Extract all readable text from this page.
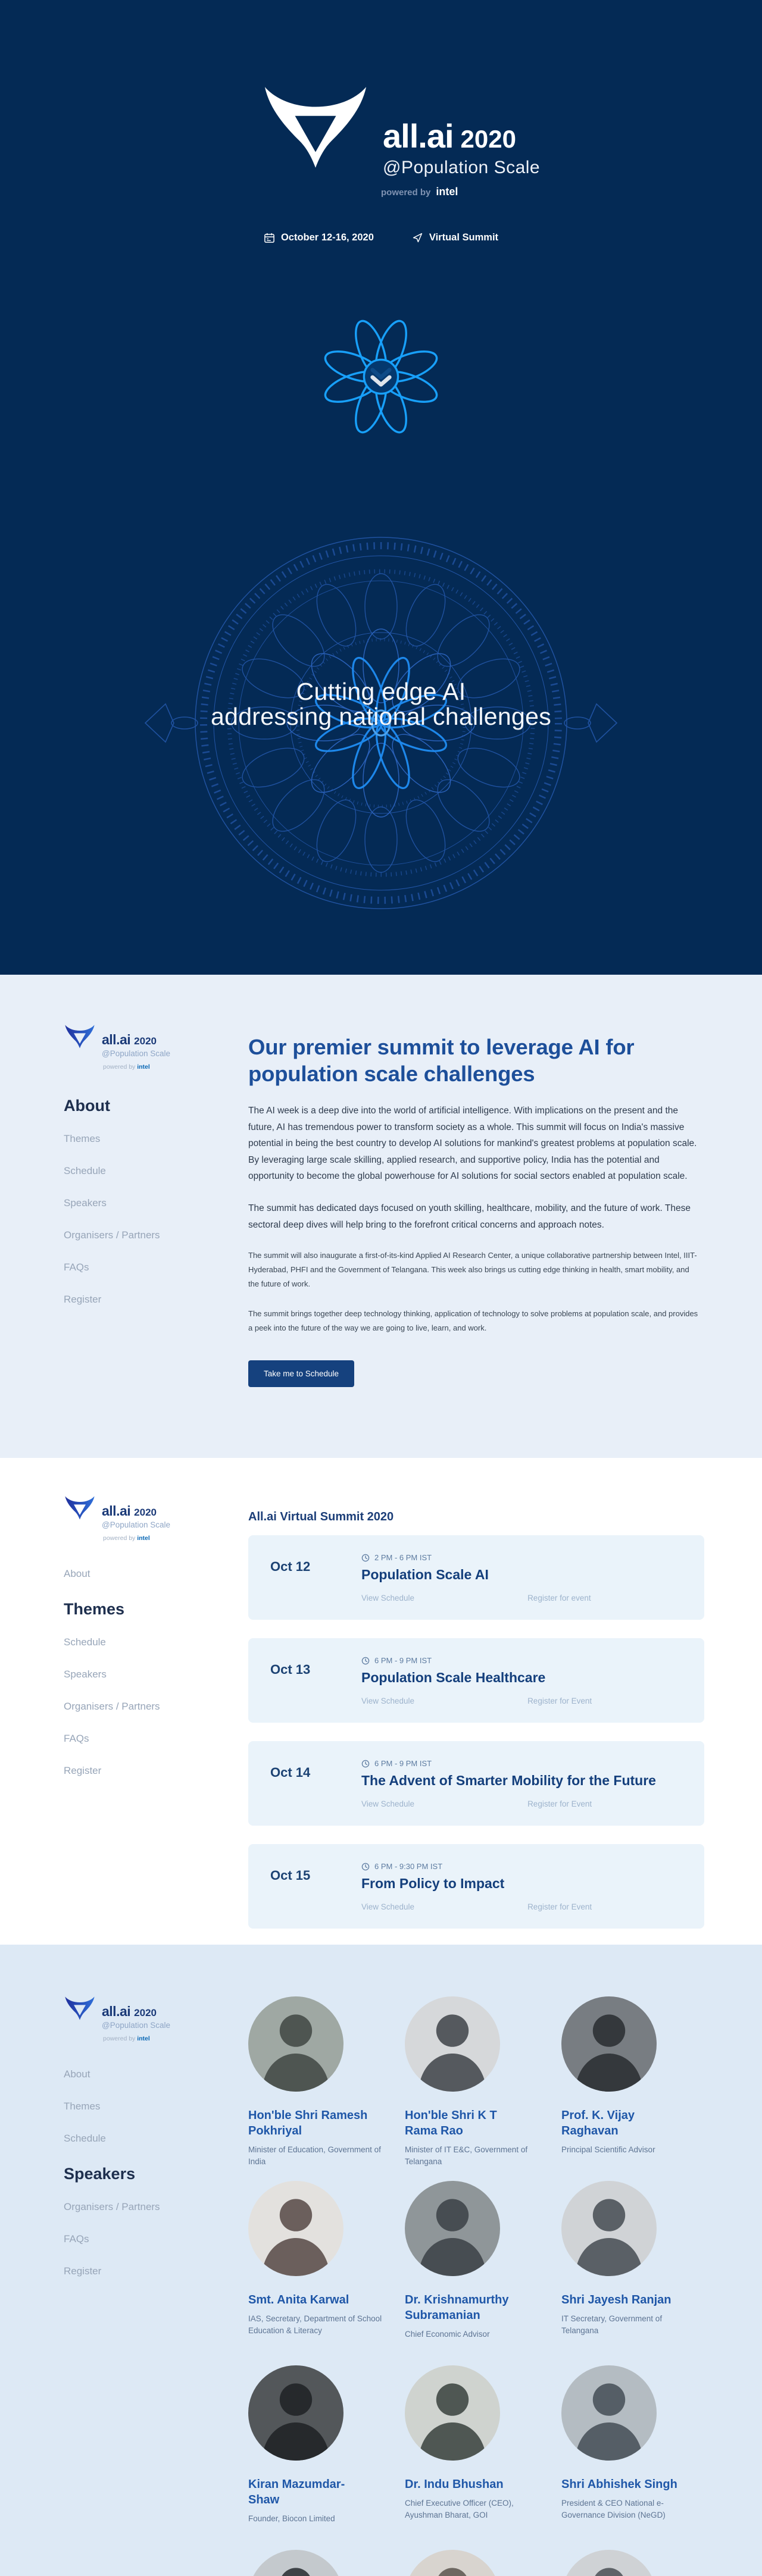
all.ai 2020
@Population Scale
powered by intel
October 12-16, 2020	Virtual Summit
Cutting edge AI
addressing national challenges
all.ai 2020
@Population Scale
powered by intel
About
Themes
Schedule
Speakers
Organisers / Partners
FAQs
Register
Our premier summit to leverage AI for population scale challenges

The AI week is a deep dive into the world of artificial intelligence. With implications on the present and the future, AI has tremendous power to transform society as a whole. This summit will focus on India's massive potential in being the best country to develop AI solutions for mankind's greatest problems at population scale. By leveraging large scale skilling, applied research, and supportive policy, India has the potential and opportunity to become the global powerhouse for AI solutions for social sectors enabled at population scale.

The summit has dedicated days focused on youth skilling, healthcare, mobility, and the future of work. These sectoral deep dives will help bring to the forefront critical concerns and approach notes.

The summit will also inaugurate a first-of-its-kind Applied AI Research Center, a unique collaborative partnership between Intel, IIIT-Hyderabad, PHFI and the Government of Telangana. This week also brings us cutting edge thinking in health, smart mobility, and the future of work.

The summit brings together deep technology thinking, application of technology to solve problems at population scale, and provides a peek into the future of the way we are going to live, learn, and work.

Take me to Schedule
all.ai 2020
@Population Scale
powered by intel
About
Themes
Schedule
Speakers
Organisers / Partners
FAQs
Register
All.ai Virtual Summit 2020
Oct 12
2 PM - 6 PM IST
Population Scale AI
View Schedule	Register for event
Oct 13
6 PM - 9 PM IST
Population Scale Healthcare
View Schedule	Register for Event
Oct 14
6 PM - 9 PM IST
The Advent of Smarter Mobility for the Future
View Schedule	Register for Event
Oct 15
6 PM - 9:30 PM IST
From Policy to Impact
View Schedule	Register for Event
all.ai 2020
@Population Scale
powered by intel
About
Themes
Schedule
Speakers
Organisers / Partners
FAQs
Register
Hon'ble Shri Ramesh Pokhriyal
Minister of Education, Government of India
Hon'ble Shri K T Rama Rao
Minister of IT E&C, Government of Telangana
Prof. K. Vijay Raghavan
Principal Scientific Advisor
Smt. Anita Karwal
IAS, Secretary, Department of School Education & Literacy
Dr. Krishnamurthy Subramanian
Chief Economic Advisor
Shri Jayesh Ranjan
IT Secretary, Government of Telangana
Kiran Mazumdar-Shaw
Founder, Biocon Limited
Dr. Indu Bhushan
Chief Executive Officer (CEO), Ayushman Bharat, GOI
Shri Abhishek Singh
President & CEO National e-Governance Division (NeGD)
